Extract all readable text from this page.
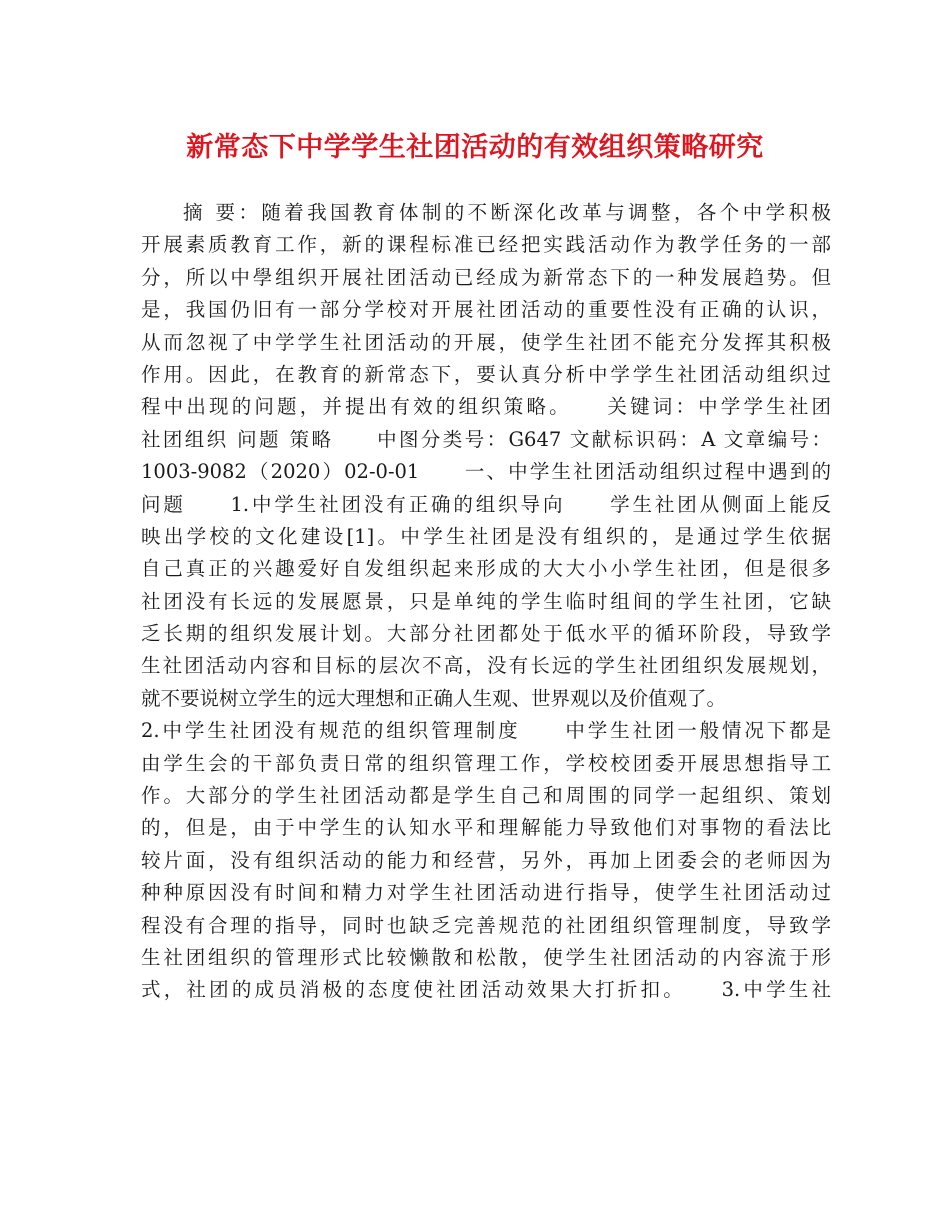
新常态下中学学生社团活动的有效组织策略研究
摘 要：随着我国教育体制的不断深化改革与调整，各个中学积极
开展素质教育工作，新的课程标准已经把实践活动作为教学任务的一部
分，所以中學组织开展社团活动已经成为新常态下的一种发展趋势。但
是，我国仍旧有一部分学校对开展社团活动的重要性没有正确的认识，
从而忽视了中学学生社团活动的开展，使学生社团不能充分发挥其积极
作用。因此，在教育的新常态下，要认真分析中学学生社团活动组织过
程中出现的问题，并提出有效的组织策略。　　关键词：中学学生社团
社团组织 问题 策略　　中图分类号：G647 文献标识码：A 文章编号：
1003-9082（2020）02-0-01　　一、中学生社团活动组织过程中遇到的
问题　　1.中学生社团没有正确的组织导向　　学生社团从侧面上能反
映出学校的文化建设[1]。中学生社团是没有组织的，是通过学生依据
自己真正的兴趣爱好自发组织起来形成的大大小小学生社团，但是很多
社团没有长远的发展愿景，只是单纯的学生临时组间的学生社团，它缺
乏长期的组织发展计划。大部分社团都处于低水平的循环阶段，导致学
生社团活动内容和目标的层次不高，没有长远的学生社团组织发展规划，
就不要说树立学生的远大理想和正确人生观、世界观以及价值观了。
2.中学生社团没有规范的组织管理制度　　中学生社团一般情况下都是
由学生会的干部负责日常的组织管理工作，学校校团委开展思想指导工
作。大部分的学生社团活动都是学生自己和周围的同学一起组织、策划
的，但是，由于中学生的认知水平和理解能力导致他们对事物的看法比
较片面，没有组织活动的能力和经营，另外，再加上团委会的老师因为
种种原因没有时间和精力对学生社团活动进行指导，使学生社团活动过
程没有合理的指导，同时也缺乏完善规范的社团组织管理制度，导致学
生社团组织的管理形式比较懒散和松散，使学生社团活动的内容流于形
式，社团的成员消极的态度使社团活动效果大打折扣。　　3.中学生社
